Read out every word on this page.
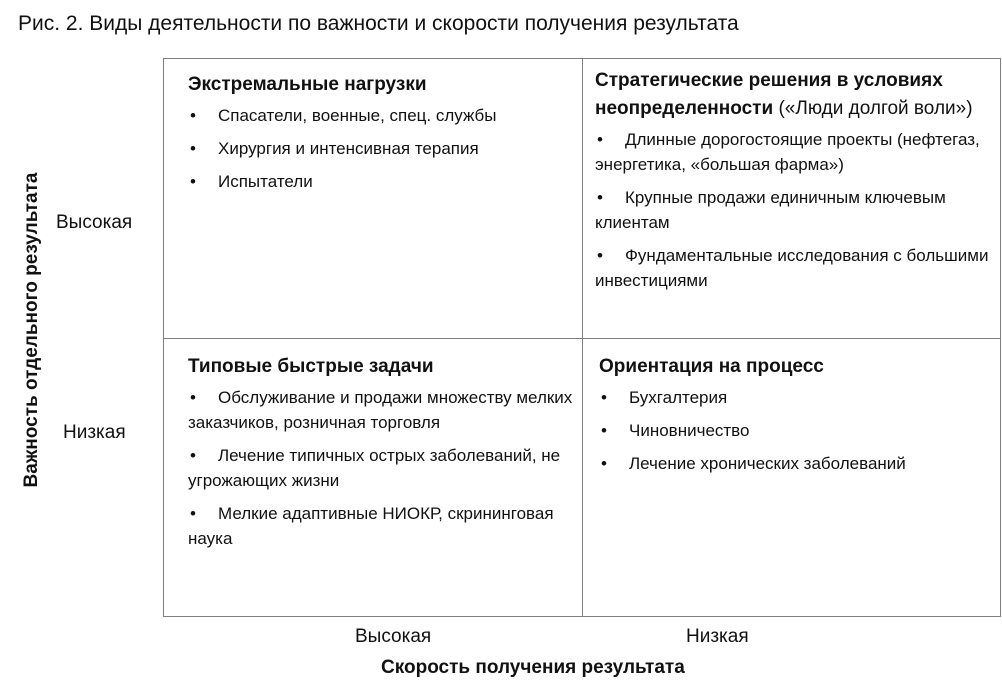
Рис. 2. Виды деятельности по важности и скорости получения результата
Важность отдельного результата Высокая
Низкая
Экстремальные нагрузки
• Спасатели, военные, спец. службы
• Хирургия и интенсивная терапия
• Испытатели
Стратегические решения в условиях неопределенности («Люди долгой воли»)
• Длинные дорогостоящие проекты (нефтегаз, энергетика, «большая фарма»)
• Крупные продажи единичным ключевым клиентам
• Фундаментальные исследования с большими инвестициями
Типовые быстрые задачи
• Обслуживание и продажи множеству мелких заказчиков, розничная торговля
• Лечение типичных острых заболеваний, не угрожающих жизни
• Мелкие адаптивные НИОКР, скрининговая наука
Ориентация на процесс
• Бухгалтерия
• Чиновничество
• Лечение хронических заболеваний
Высокая	Низкая
Скорость получения результата
